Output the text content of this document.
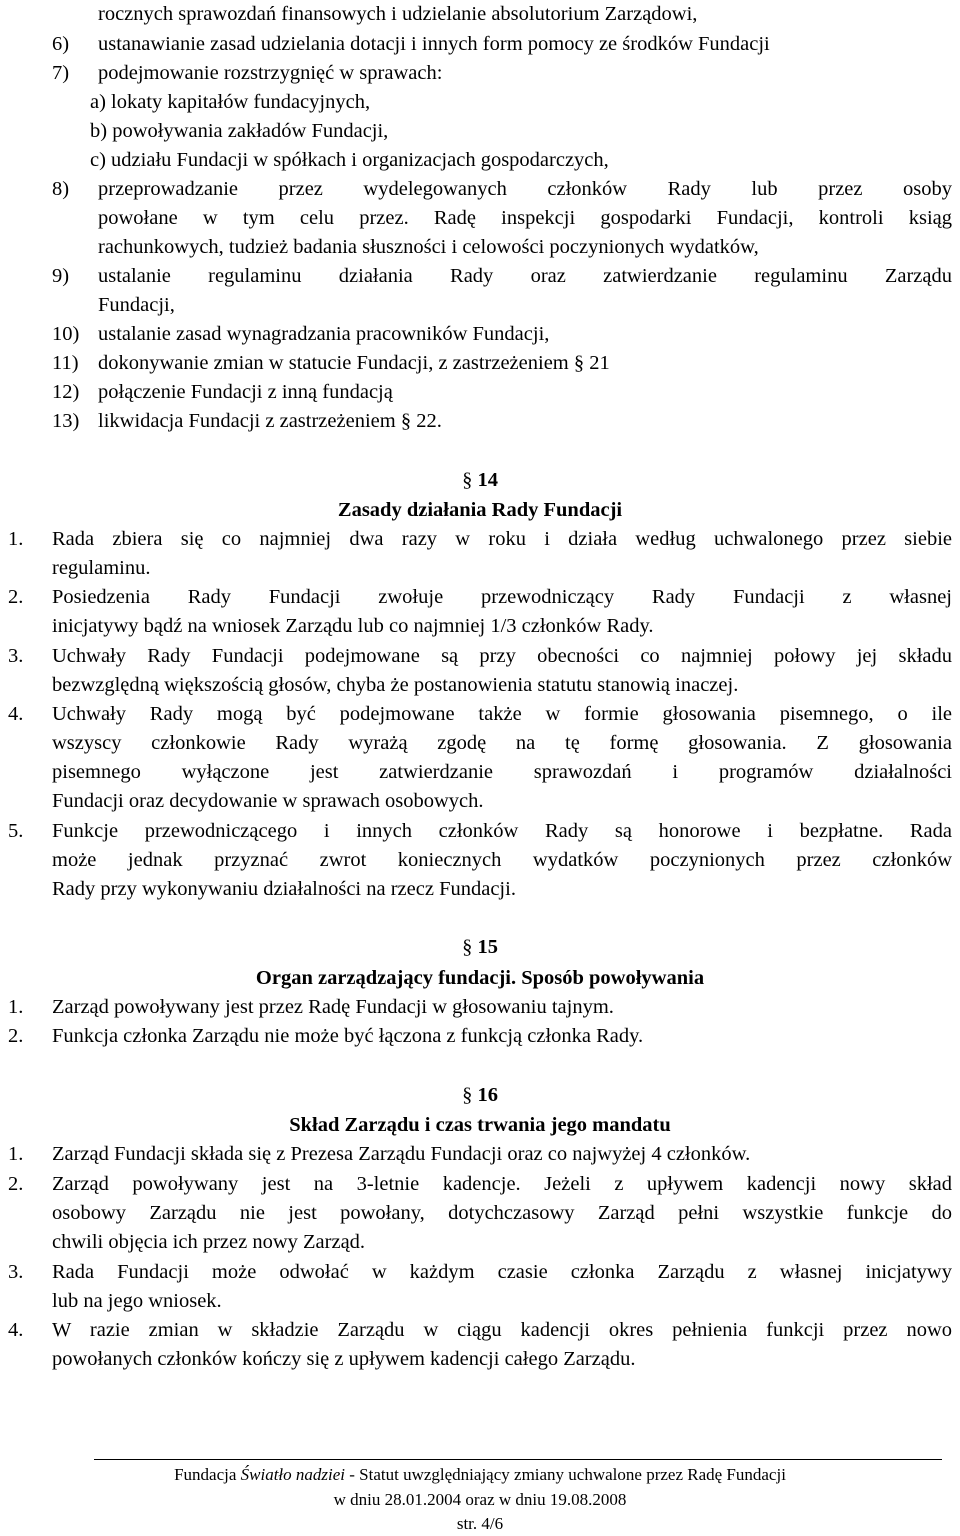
rocznych sprawozdań finansowych i udzielanie absolutorium Zarządowi,
6) ustanawianie zasad udzielania dotacji i innych form pomocy ze środków Fundacji
7) podejmowanie rozstrzygnięć w sprawach:
a) lokaty kapitałów fundacyjnych,
b) powoływania zakładów Fundacji,
c) udziału Fundacji w spółkach i organizacjach gospodarczych,
8) przeprowadzanie przez wydelegowanych członków Rady lub przez osoby
powołane w tym celu przez. Radę inspekcji gospodarki Fundacji, kontroli ksiąg
rachunkowych, tudzież badania słuszności i celowości poczynionych wydatków,
9) ustalanie regulaminu działania Rady oraz zatwierdzanie regulaminu Zarządu
Fundacji,
10) ustalanie zasad wynagradzania pracowników Fundacji,
11) dokonywanie zmian w statucie Fundacji, z zastrzeżeniem § 21
12) połączenie Fundacji z inną fundacją
13) likwidacja Fundacji z zastrzeżeniem § 22.
§ 14
Zasady działania Rady Fundacji
1. Rada zbiera się co najmniej dwa razy w roku i działa według uchwalonego przez siebie
regulaminu.
2. Posiedzenia Rady Fundacji zwołuje przewodniczący Rady Fundacji z własnej
inicjatywy bądź na wniosek Zarządu lub co najmniej 1/3 członków Rady.
3. Uchwały Rady Fundacji podejmowane są przy obecności co najmniej połowy jej składu
bezwzględną większością głosów, chyba że postanowienia statutu stanowią inaczej.
4. Uchwały Rady mogą być podejmowane także w formie głosowania pisemnego, o ile
wszyscy członkowie Rady wyrażą zgodę na tę formę głosowania. Z głosowania
pisemnego wyłączone jest zatwierdzanie sprawozdań i programów działalności
Fundacji oraz decydowanie w sprawach osobowych.
5. Funkcje przewodniczącego i innych członków Rady są honorowe i bezpłatne. Rada
może jednak przyznać zwrot koniecznych wydatków poczynionych przez członków
Rady przy wykonywaniu działalności na rzecz Fundacji.
§ 15
Organ zarządzający fundacji. Sposób powoływania
1. Zarząd powoływany jest przez Radę Fundacji w głosowaniu tajnym.
2. Funkcja członka Zarządu nie może być łączona z funkcją członka Rady.
§ 16
Skład Zarządu i czas trwania jego mandatu
1. Zarząd Fundacji składa się z Prezesa Zarządu Fundacji oraz co najwyżej 4 członków.
2. Zarząd powoływany jest na 3-letnie kadencje. Jeżeli z upływem kadencji nowy skład
osobowy Zarządu nie jest powołany, dotychczasowy Zarząd pełni wszystkie funkcje do
chwili objęcia ich przez nowy Zarząd.
3. Rada Fundacji może odwołać w każdym czasie członka Zarządu z własnej inicjatywy
lub na jego wniosek.
4. W razie zmian w składzie Zarządu w ciągu kadencji okres pełnienia funkcji przez nowo
powołanych członków kończy się z upływem kadencji całego Zarządu.
Fundacja Światło nadziei - Statut uwzględniający zmiany uchwalone przez Radę Fundacji
w dniu 28.01.2004 oraz w dniu 19.08.2008
str. 4/6
